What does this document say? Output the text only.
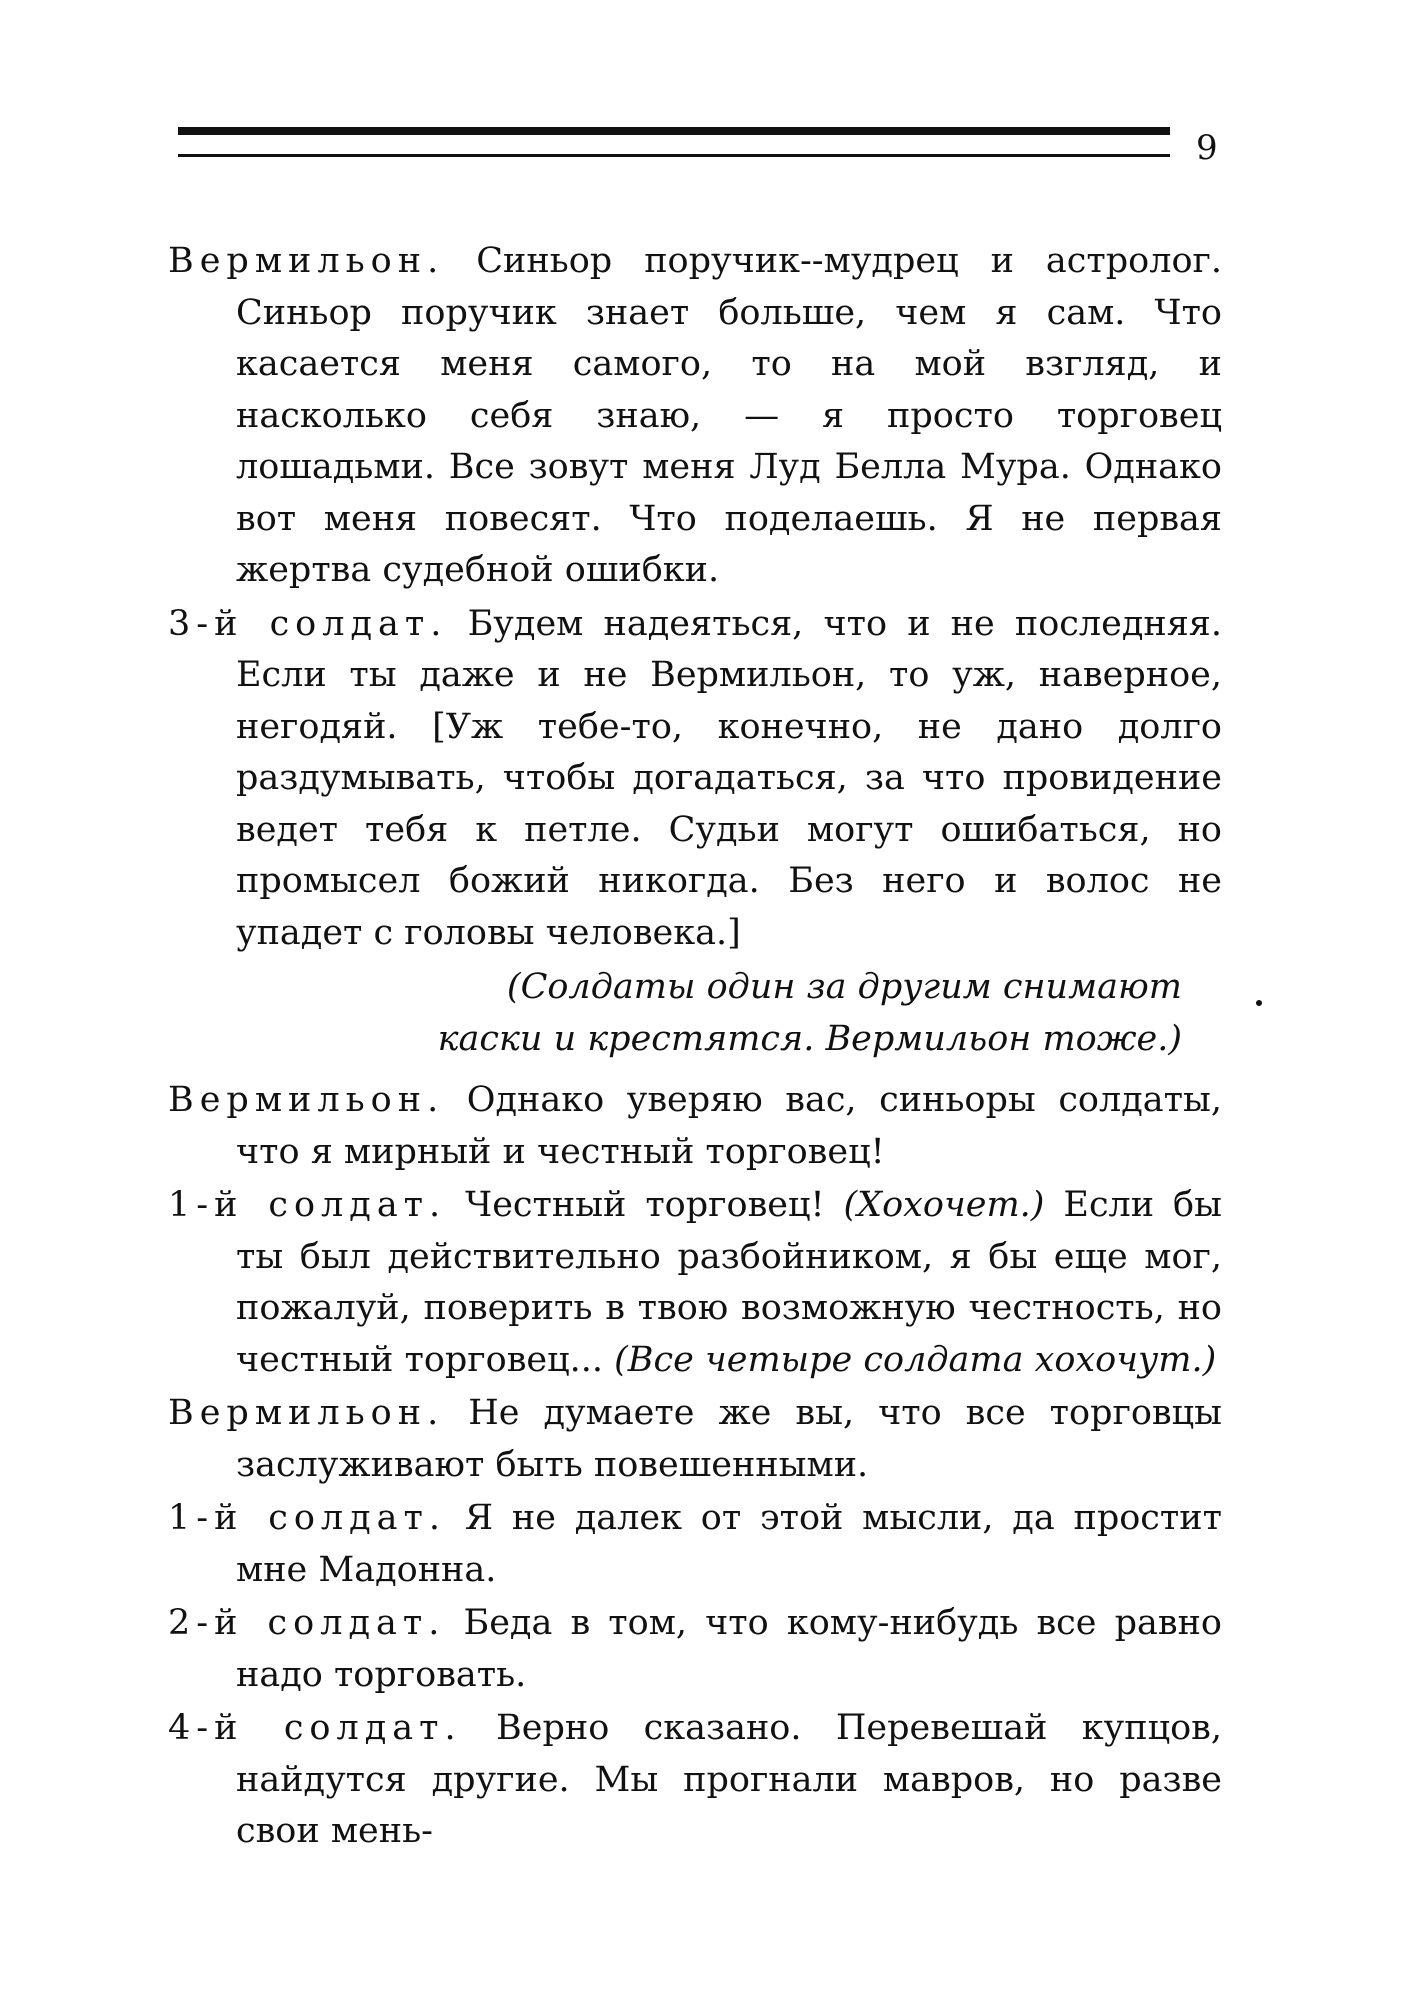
9

Вермильон. Синьор поручик--мудрец и астролог. Синьор поручик знает больше, чем я сам. Что касается меня самого, то на мой взгляд, и насколько себя знаю, — я просто торговец лошадьми. Все зовут меня Луд Белла Мура. Однако вот меня повесят. Что поделаешь. Я не первая жертва судебной ошибки.

3-й солдат. Будем надеяться, что и не последняя. Если ты даже и не Вермильон, то уж, наверное, негодяй. [Уж тебе-то, конечно, не дано долго раздумывать, чтобы догадаться, за что провидение ведет тебя к петле. Судьи могут ошибаться, но промысел божий никогда. Без него и волос не упадет с головы человека.]

(Солдаты один за другим снимают
каски и крестятся. Вермильон тоже.)

Вермильон. Однако уверяю вас, синьоры солдаты, что я мирный и честный торговец!

1-й солдат. Честный торговец! (Хохочет.) Если бы ты был действительно разбойником, я бы еще мог, пожалуй, поверить в твою возможную честность, но честный торговец... (Все четыре солдата хохочут.)

Вермильон. Не думаете же вы, что все торговцы заслуживают быть повешенными.

1-й солдат. Я не далек от этой мысли, да простит мне Мадонна.

2-й солдат. Беда в том, что кому-нибудь все равно надо торговать.

4-й солдат. Верно сказано. Перевешай купцов, найдутся другие. Мы прогнали мавров, но разве свои мень-
